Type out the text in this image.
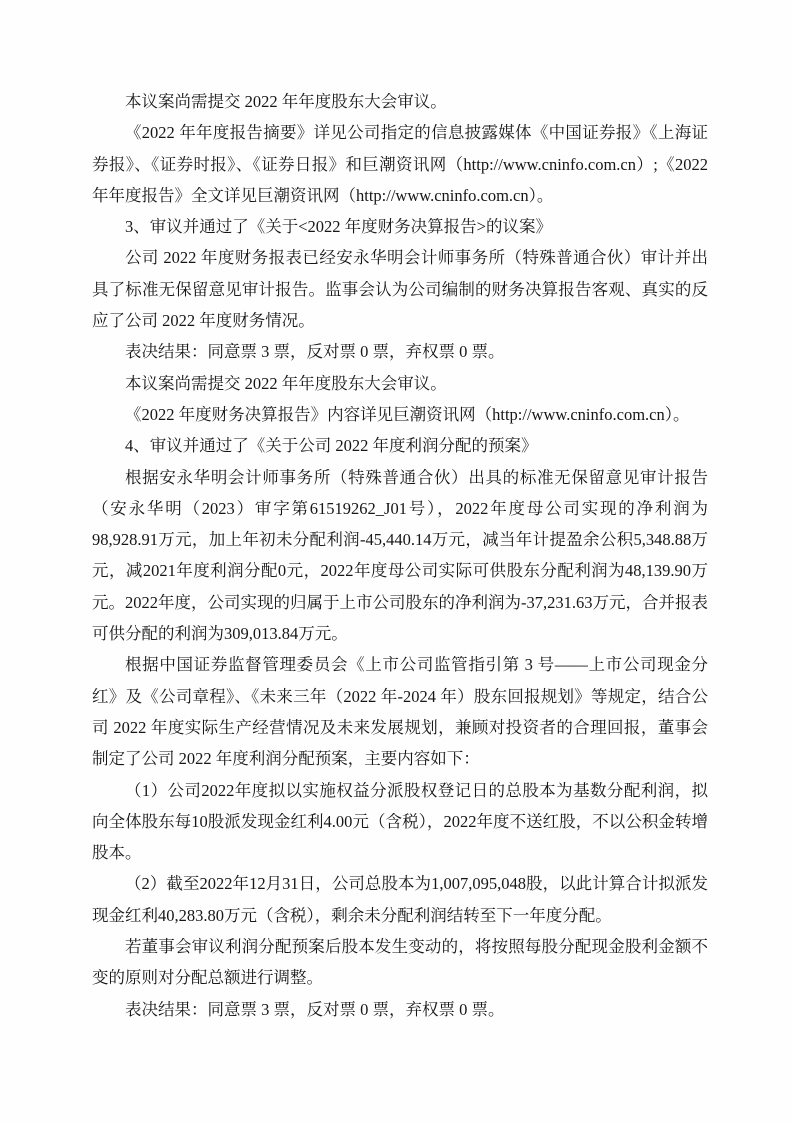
本议案尚需提交 2022 年年度股东大会审议。

《2022 年年度报告摘要》详见公司指定的信息披露媒体《中国证券报》《上海证券报》、《证券时报》、《证券日报》和巨潮资讯网（http://www.cninfo.com.cn）;《2022 年年度报告》全文详见巨潮资讯网（http://www.cninfo.com.cn）。

3、审议并通过了《关于<2022 年度财务决算报告>的议案》

公司 2022 年度财务报表已经安永华明会计师事务所（特殊普通合伙）审计并出具了标准无保留意见审计报告。监事会认为公司编制的财务决算报告客观、真实的反应了公司 2022 年度财务情况。

表决结果：同意票 3 票，反对票 0 票，弃权票 0 票。

本议案尚需提交 2022 年年度股东大会审议。

《2022 年度财务决算报告》内容详见巨潮资讯网（http://www.cninfo.com.cn）。

4、审议并通过了《关于公司 2022 年度利润分配的预案》

根据安永华明会计师事务所（特殊普通合伙）出具的标准无保留意见审计报告（安永华明（2023）审字第61519262_J01号），2022年度母公司实现的净利润为98,928.91万元，加上年初未分配利润-45,440.14万元，减当年计提盈余公积5,348.88万元，减2021年度利润分配0元，2022年度母公司实际可供股东分配利润为48,139.90万元。2022年度，公司实现的归属于上市公司股东的净利润为-37,231.63万元，合并报表可供分配的利润为309,013.84万元。

根据中国证券监督管理委员会《上市公司监管指引第 3 号——上市公司现金分红》及《公司章程》、《未来三年（2022 年-2024 年）股东回报规划》等规定，结合公司 2022 年度实际生产经营情况及未来发展规划，兼顾对投资者的合理回报，董事会制定了公司 2022 年度利润分配预案，主要内容如下：

（1）公司2022年度拟以实施权益分派股权登记日的总股本为基数分配利润，拟向全体股东每10股派发现金红利4.00元（含税），2022年度不送红股，不以公积金转增股本。

（2）截至2022年12月31日，公司总股本为1,007,095,048股，以此计算合计拟派发现金红利40,283.80万元（含税），剩余未分配利润结转至下一年度分配。

若董事会审议利润分配预案后股本发生变动的，将按照每股分配现金股利金额不变的原则对分配总额进行调整。

表决结果：同意票 3 票，反对票 0 票，弃权票 0 票。
